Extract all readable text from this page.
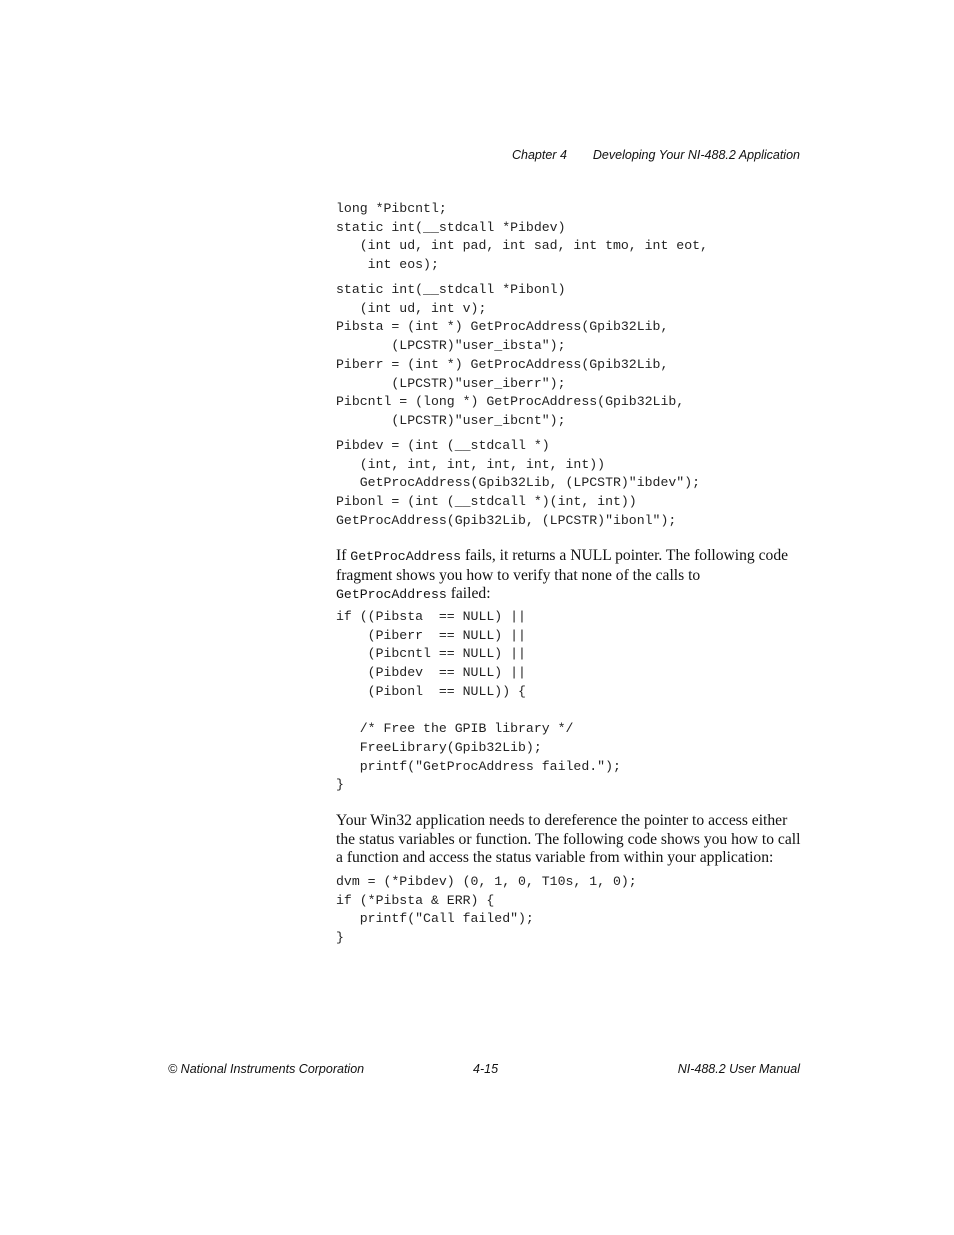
Chapter 4 Developing Your NI-488.2 Application
long *Pibcntl;
static int(__stdcall *Pibdev)
(int ud, int pad, int sad, int tmo, int eot,
int eos);
static int(__stdcall *Pibonl)
(int ud, int v);
Pibsta = (int *) GetProcAddress(Gpib32Lib,
(LPCSTR)"user_ibsta");
Piberr = (int *) GetProcAddress(Gpib32Lib,
(LPCSTR)"user_iberr");
Pibcntl = (long *) GetProcAddress(Gpib32Lib,
(LPCSTR)"user_ibcnt");
Pibdev = (int (__stdcall *)
(int, int, int, int, int, int))
GetProcAddress(Gpib32Lib, (LPCSTR)"ibdev");
Pibonl = (int (__stdcall *)(int, int))
GetProcAddress(Gpib32Lib, (LPCSTR)"ibonl");

If GetProcAddress fails, it returns a NULL pointer. The following code fragment shows you how to verify that none of the calls to GetProcAddress failed:

if ((Pibsta  == NULL) ||
(Piberr  == NULL) ||
(Pibcntl == NULL) ||
(Pibdev  == NULL) ||
(Pibonl  == NULL)) {

/* Free the GPIB library */
FreeLibrary(Gpib32Lib);
printf("GetProcAddress failed.");
}

Your Win32 application needs to dereference the pointer to access either the status variables or function. The following code shows you how to call a function and access the status variable from within your application:

dvm = (*Pibdev) (0, 1, 0, T10s, 1, 0);
if (*Pibsta & ERR) {
printf("Call failed");
}
© National Instruments Corporation	4-15	NI-488.2 User Manual
